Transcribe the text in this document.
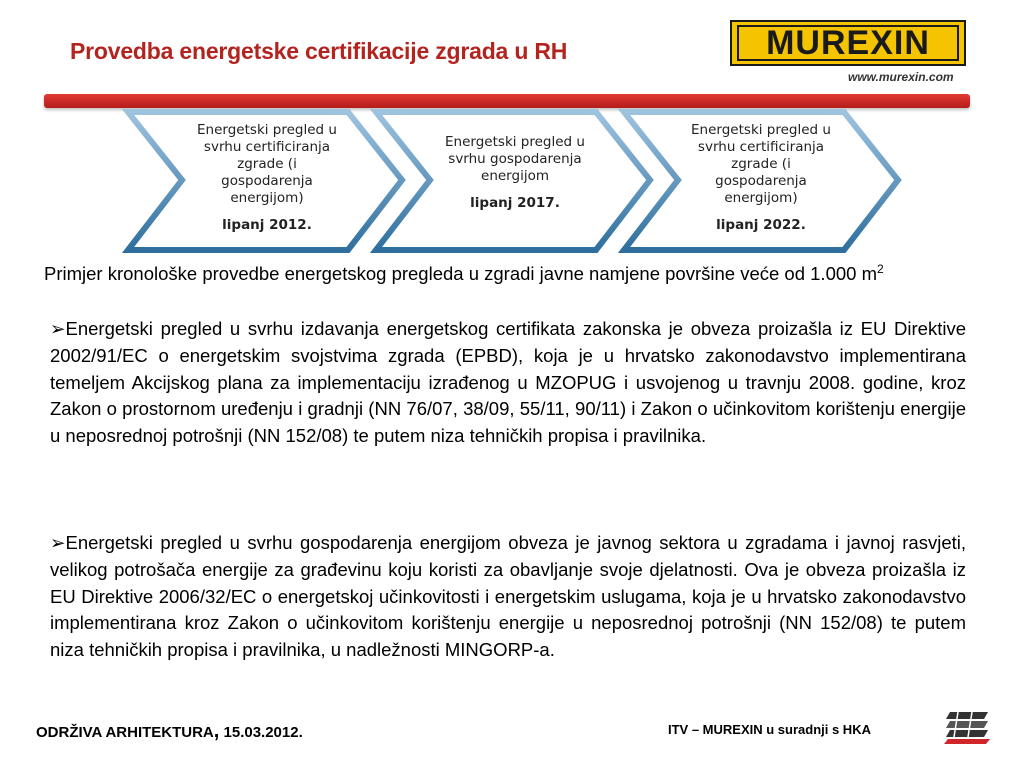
Provedba energetske certifikacije zgrada u RH	MUREXIN
www.murexin.com
Energetski pregled u svrhu certificiranja zgrade (i gospodarenja energijom)
lipanj 2012.
Energetski pregled u svrhu gospodarenja energijom
lipanj 2017.
Energetski pregled u svrhu certificiranja zgrade (i gospodarenja energijom)
lipanj 2022.

Primjer kronološke provedbe energetskog pregleda u zgradi javne namjene površine veće od 1.000 $m^2$

➢Energetski pregled u svrhu izdavanja energetskog certifikata zakonska je obveza proizašla iz EU Direktive 2002/91/EC o energetskim svojstvima zgrada (EPBD), koja je u hrvatsko zakonodavstvo implementirana temeljem Akcijskog plana za implementaciju izrađenog u MZOPUG i usvojenog u travnju 2008. godine, kroz Zakon o prostornom uređenju i gradnji (NN 76/07, 38/09, 55/11, 90/11) i Zakon o učinkovitom korištenju energije u neposrednoj potrošnji (NN 152/08) te putem niza tehničkih propisa i pravilnika.

➢Energetski pregled u svrhu gospodarenja energijom obveza je javnog sektora u zgradama i javnoj rasvjeti, velikog potrošača energije za građevinu koju koristi za obavljanje svoje djelatnosti. Ova je obveza proizašla iz EU Direktive 2006/32/EC o energetskoj učinkovitosti i energetskim uslugama, koja je u hrvatsko zakonodavstvo implementirana kroz Zakon o učinkovitom korištenju energije u neposrednoj potrošnji (NN 152/08) te putem niza tehničkih propisa i pravilnika, u nadležnosti MINGORP-a.

ODRŽIVA ARHITEKTURA, 15.03.2012.	ITV – MUREXIN u suradnji s HKA
